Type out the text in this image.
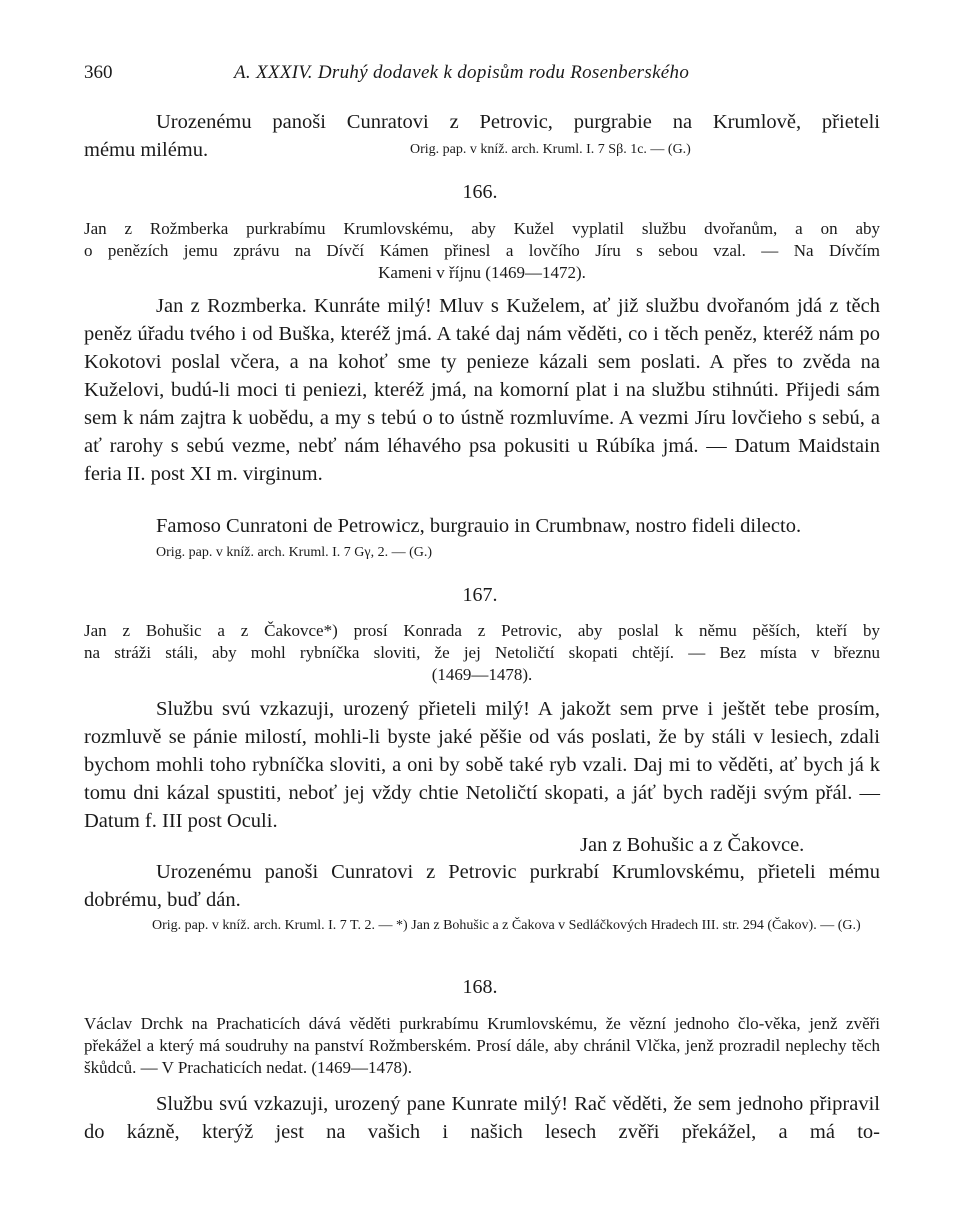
360	A. XXXIV. Druhý dodavek k dopisům rodu Rosenberského

Urozenému panoši Cunratovi z Petrovic, purgrabie na Krumlově, přieteli

mému milému.	Orig. pap. v kníž. arch. Kruml. I. 7 Sβ. 1c. — (G.)
166.

Jan z Rožmberka purkrabímu Krumlovskému, aby Kužel vyplatil službu dvořanům, a on aby

o penězích jemu zprávu na Dívčí Kámen přinesl a lovčího Jíru s sebou vzal. — Na Dívčím

Kameni v říjnu (1469—1472).

Jan z Rozmberka. Kunráte milý! Mluv s Kuželem, ať již službu dvořanóm jdá z těch peněz úřadu tvého i od Buška, kteréž jmá. A také daj nám věděti, co i těch peněz, kteréž nám po Kokotovi poslal včera, a na kohoť sme ty penieze kázali sem poslati. A přes to zvěda na Kuželovi, budú-li moci ti peniezi, kteréž jmá, na komorní plat i na službu stihnúti. Přijedi sám sem k nám zajtra k uobědu, a my s tebú o to ústně rozmluvíme. A vezmi Jíru lovčieho s sebú, a ať rarohy s sebú vezme, nebť nám léhavého psa pokusiti u Rúbíka jmá. — Datum Maidstain feria II. post XI m. virginum.

Famoso Cunratoni de Petrowicz, burgrauio in Crumbnaw, nostro fideli dilecto.

Orig. pap. v kníž. arch. Kruml. I. 7 Gγ, 2. — (G.)
167.

Jan z Bohušic a z Čakovce*) prosí Konrada z Petrovic, aby poslal k němu pěších, kteří by

na stráži stáli, aby mohl rybníčka sloviti, že jej Netoličtí skopati chtějí. — Bez místa v březnu

(1469—1478).

Službu svú vzkazuji, urozený přieteli milý! A jakožt sem prve i ještět tebe prosím, rozmluvě se pánie milostí, mohli-li byste jaké pěšie od vás poslati, že by stáli v lesiech, zdali bychom mohli toho rybníčka sloviti, a oni by sobě také ryb vzali. Daj mi to věděti, ať bych já k tomu dni kázal spustiti, neboť jej vždy chtie Netoličtí skopati, a jáť bych raději svým přál. — Datum f. III post Oculi.

Jan z Bohušic a z Čakovce.

Urozenému panoši Cunratovi z Petrovic purkrabí Krumlovskému, přieteli mému dobrému, buď dán.

Orig. pap. v kníž. arch. Kruml. I. 7 T. 2. — *) Jan z Bohušic a z Čakova v Sedláčkových Hradech III. str. 294 (Čakov). — (G.)

168.

Václav Drchk na Prachaticích dává věděti purkrabímu Krumlovskému, že vězní jednoho člo-věka, jenž zvěři překážel a který má soudruhy na panství Rožmberském. Prosí dále, aby chránil Vlčka, jenž prozradil neplechy těch škůdců. — V Prachaticích nedat. (1469—1478).

Službu svú vzkazuji, urozený pane Kunrate milý! Rač věděti, že sem jednoho připravil do kázně, kterýž jest na vašich i našich lesech zvěři překážel, a má to-
